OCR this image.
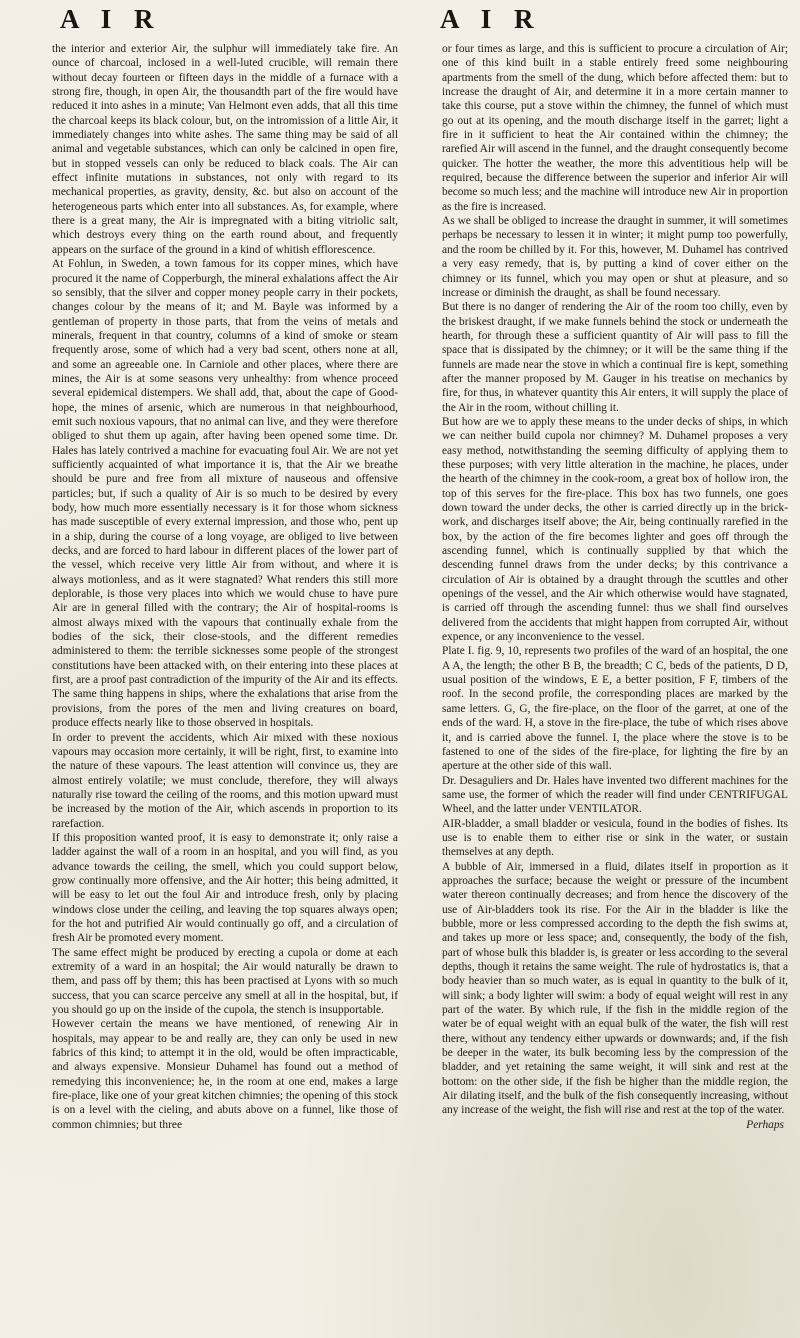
A I R	A I R

the interior and exterior Air, the sulphur will immediately take fire. An ounce of charcoal, inclosed in a well-luted crucible, will remain there without decay fourteen or fifteen days in the middle of a furnace with a strong fire, though, in open Air, the thousandth part of the fire would have reduced it into ashes in a minute; Van Helmont even adds, that all this time the charcoal keeps its black colour, but, on the intromission of a little Air, it immediately changes into white ashes. The same thing may be said of all animal and vegetable substances, which can only be calcined in open fire, but in stopped vessels can only be reduced to black coals. The Air can effect infinite mutations in substances, not only with regard to its mechanical properties, as gravity, density, &c. but also on account of the heterogeneous parts which enter into all substances. As, for example, where there is a great many, the Air is impregnated with a biting vitriolic salt, which destroys every thing on the earth round about, and frequently appears on the surface of the ground in a kind of whitish efflorescence.

At Fohlun, in Sweden, a town famous for its copper mines, which have procured it the name of Copperburgh, the mineral exhalations affect the Air so sensibly, that the silver and copper money people carry in their pockets, changes colour by the means of it; and M. Bayle was informed by a gentleman of property in those parts, that from the veins of metals and minerals, frequent in that country, columns of a kind of smoke or steam frequently arose, some of which had a very bad scent, others none at all, and some an agreeable one. In Carniole and other places, where there are mines, the Air is at some seasons very unhealthy: from whence proceed several epidemical distempers. We shall add, that, about the cape of Good-hope, the mines of arsenic, which are numerous in that neighbourhood, emit such noxious vapours, that no animal can live, and they were therefore obliged to shut them up again, after having been opened some time. Dr. Hales has lately contrived a machine for evacuating foul Air. We are not yet sufficiently acquainted of what importance it is, that the Air we breathe should be pure and free from all mixture of nauseous and offensive particles; but, if such a quality of Air is so much to be desired by every body, how much more essentially necessary is it for those whom sickness has made susceptible of every external impression, and those who, pent up in a ship, during the course of a long voyage, are obliged to live between decks, and are forced to hard labour in different places of the lower part of the vessel, which receive very little Air from without, and where it is always motionless, and as it were stagnated? What renders this still more deplorable, is those very places into which we would chuse to have pure Air are in general filled with the contrary; the Air of hospital-rooms is almost always mixed with the vapours that continually exhale from the bodies of the sick, their close-stools, and the different remedies administered to them: the terrible sicknesses some people of the strongest constitutions have been attacked with, on their entering into these places at first, are a proof past contradiction of the impurity of the Air and its effects. The same thing happens in ships, where the exhalations that arise from the provisions, from the pores of the men and living creatures on board, produce effects nearly like to those observed in hospitals.

In order to prevent the accidents, which Air mixed with these noxious vapours may occasion more certainly, it will be right, first, to examine into the nature of these vapours. The least attention will convince us, they are almost entirely volatile; we must conclude, therefore, they will always naturally rise toward the ceiling of the rooms, and this motion upward must be increased by the motion of the Air, which ascends in proportion to its rarefaction.

If this proposition wanted proof, it is easy to demonstrate it; only raise a ladder against the wall of a room in an hospital, and you will find, as you advance towards the ceiling, the smell, which you could support below, grow continually more offensive, and the Air hotter; this being admitted, it will be easy to let out the foul Air and introduce fresh, only by placing windows close under the ceiling, and leaving the top squares always open; for the hot and putrified Air would continually go off, and a circulation of fresh Air be promoted every moment.

The same effect might be produced by erecting a cupola or dome at each extremity of a ward in an hospital; the Air would naturally be drawn to them, and pass off by them; this has been practised at Lyons with so much success, that you can scarce perceive any smell at all in the hospital, but, if you should go up on the inside of the cupola, the stench is insupportable.

However certain the means we have mentioned, of renewing Air in hospitals, may appear to be and really are, they can only be used in new fabrics of this kind; to attempt it in the old, would be often impracticable, and always expensive. Monsieur Duhamel has found out a method of remedying this inconvenience; he, in the room at one end, makes a large fire-place, like one of your great kitchen chimnies; the opening of this stock is on a level with the cieling, and abuts above on a funnel, like those of common chimnies; but three

or four times as large, and this is sufficient to procure a circulation of Air; one of this kind built in a stable entirely freed some neighbouring apartments from the smell of the dung, which before affected them: but to increase the draught of Air, and determine it in a more certain manner to take this course, put a stove within the chimney, the funnel of which must go out at its opening, and the mouth discharge itself in the garret; light a fire in it sufficient to heat the Air contained within the chimney; the rarefied Air will ascend in the funnel, and the draught consequently become quicker. The hotter the weather, the more this adventitious help will be required, because the difference between the superior and inferior Air will become so much less; and the machine will introduce new Air in proportion as the fire is increased.

As we shall be obliged to increase the draught in summer, it will sometimes perhaps be necessary to lessen it in winter; it might pump too powerfully, and the room be chilled by it. For this, however, M. Duhamel has contrived a very easy remedy, that is, by putting a kind of cover either on the chimney or its funnel, which you may open or shut at pleasure, and so increase or diminish the draught, as shall be found necessary.

But there is no danger of rendering the Air of the room too chilly, even by the briskest draught, if we make funnels behind the stock or underneath the hearth, for through these a sufficient quantity of Air will pass to fill the space that is dissipated by the chimney; or it will be the same thing if the funnels are made near the stove in which a continual fire is kept, something after the manner proposed by M. Gauger in his treatise on mechanics by fire, for thus, in whatever quantity this Air enters, it will supply the place of the Air in the room, without chilling it.

But how are we to apply these means to the under decks of ships, in which we can neither build cupola nor chimney? M. Duhamel proposes a very easy method, notwithstanding the seeming difficulty of applying them to these purposes; with very little alteration in the machine, he places, under the hearth of the chimney in the cook-room, a great box of hollow iron, the top of this serves for the fire-place. This box has two funnels, one goes down toward the under decks, the other is carried directly up in the brick-work, and discharges itself above; the Air, being continually rarefied in the box, by the action of the fire becomes lighter and goes off through the ascending funnel, which is continually supplied by that which the descending funnel draws from the under decks; by this contrivance a circulation of Air is obtained by a draught through the scuttles and other openings of the vessel, and the Air which otherwise would have stagnated, is carried off through the ascending funnel: thus we shall find ourselves delivered from the accidents that might happen from corrupted Air, without expence, or any inconvenience to the vessel.

Plate I. fig. 9, 10, represents two profiles of the ward of an hospital, the one A A, the length; the other B B, the breadth; C C, beds of the patients, D D, usual position of the windows, E E, a better position, F F, timbers of the roof. In the second profile, the corresponding places are marked by the same letters. G, G, the fire-place, on the floor of the garret, at one of the ends of the ward. H, a stove in the fire-place, the tube of which rises above it, and is carried above the funnel. I, the place where the stove is to be fastened to one of the sides of the fire-place, for lighting the fire by an aperture at the other side of this wall.

Dr. Desaguliers and Dr. Hales have invented two different machines for the same use, the former of which the reader will find under CENTRIFUGAL Wheel, and the latter under VENTILATOR.

AIR-bladder, a small bladder or vesicula, found in the bodies of fishes. Its use is to enable them to either rise or sink in the water, or sustain themselves at any depth.

A bubble of Air, immersed in a fluid, dilates itself in proportion as it approaches the surface; because the weight or pressure of the incumbent water thereon continually decreases; and from hence the discovery of the use of Air-bladders took its rise. For the Air in the bladder is like the bubble, more or less compressed according to the depth the fish swims at, and takes up more or less space; and, consequently, the body of the fish, part of whose bulk this bladder is, is greater or less according to the several depths, though it retains the same weight. The rule of hydrostatics is, that a body heavier than so much water, as is equal in quantity to the bulk of it, will sink; a body lighter will swim: a body of equal weight will rest in any part of the water. By which rule, if the fish in the middle region of the water be of equal weight with an equal bulk of the water, the fish will rest there, without any tendency either upwards or downwards; and, if the fish be deeper in the water, its bulk becoming less by the compression of the bladder, and yet retaining the same weight, it will sink and rest at the bottom: on the other side, if the fish be higher than the middle region, the Air dilating itself, and the bulk of the fish consequently increasing, without any increase of the weight, the fish will rise and rest at the top of the water.

Perhaps
